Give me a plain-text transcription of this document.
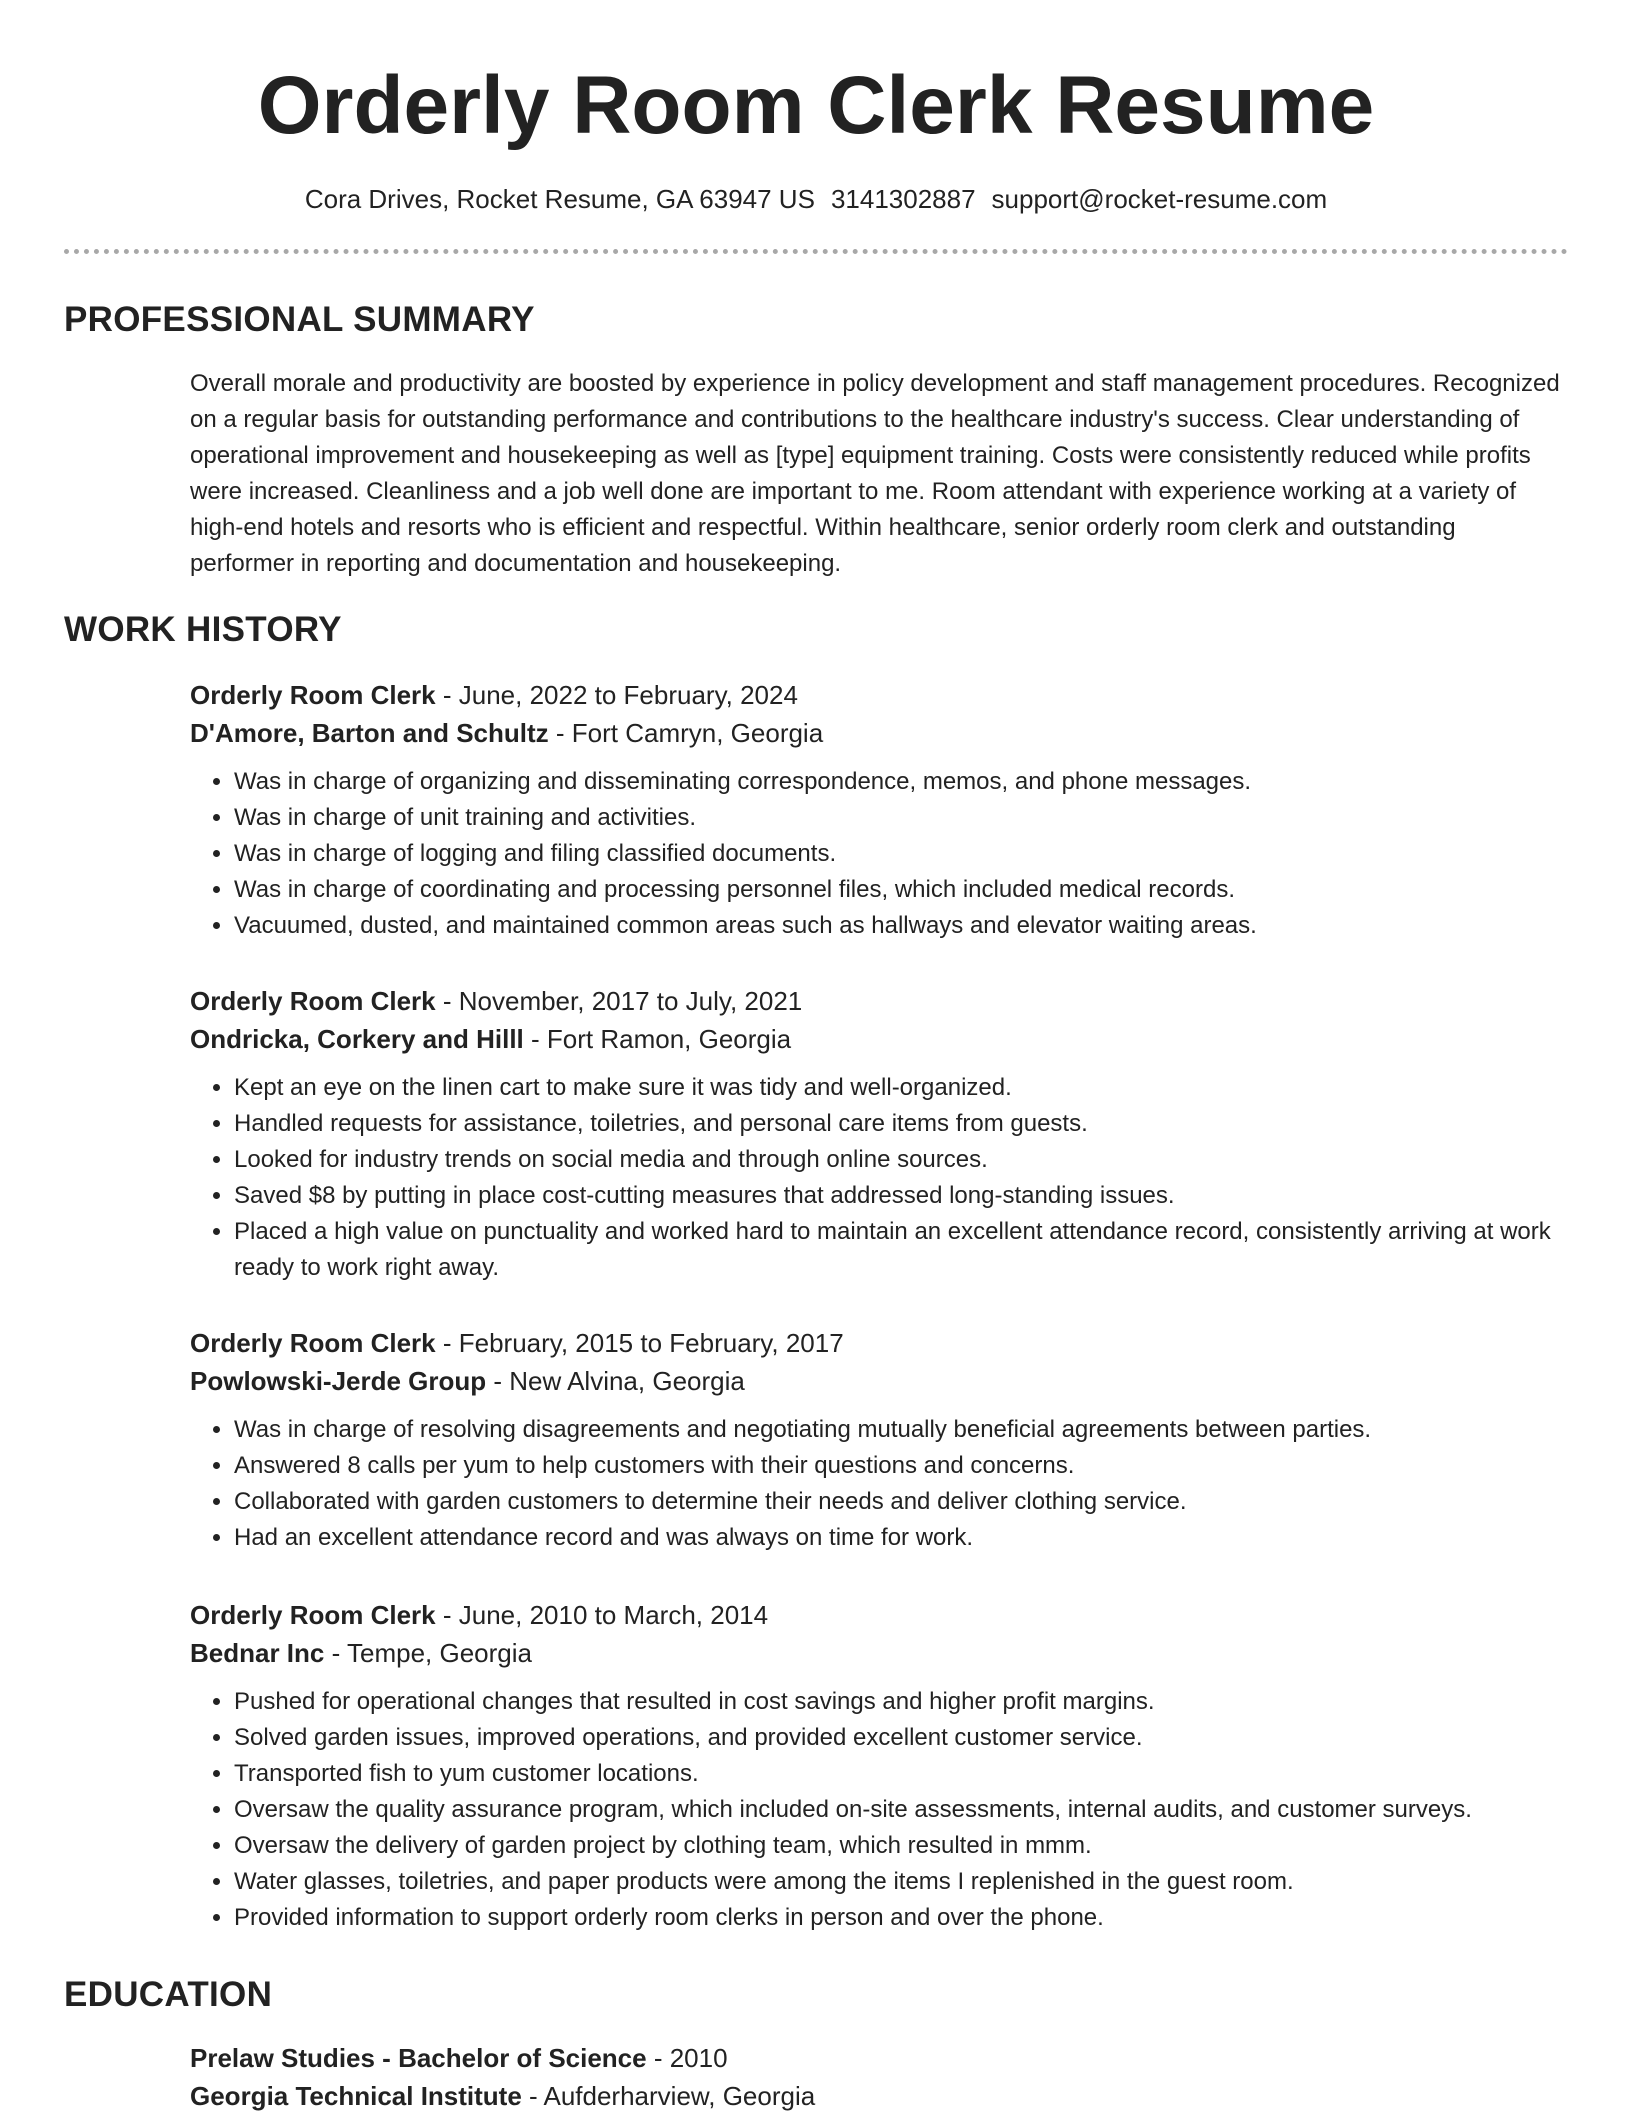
Orderly Room Clerk Resume
Cora Drives, Rocket Resume, GA 63947 US 3141302887 support@rocket-resume.com
PROFESSIONAL SUMMARY

Overall morale and productivity are boosted by experience in policy development and staff management procedures. Recognized on a regular basis for outstanding performance and contributions to the healthcare industry's success. Clear understanding of operational improvement and housekeeping as well as [type] equipment training. Costs were consistently reduced while profits were increased. Cleanliness and a job well done are important to me. Room attendant with experience working at a variety of high-end hotels and resorts who is efficient and respectful. Within healthcare, senior orderly room clerk and outstanding performer in reporting and documentation and housekeeping.

WORK HISTORY

Orderly Room Clerk - June, 2022 to February, 2024

D'Amore, Barton and Schultz - Fort Camryn, Georgia

• Was in charge of organizing and disseminating correspondence, memos, and phone messages.
• Was in charge of unit training and activities.
• Was in charge of logging and filing classified documents.
• Was in charge of coordinating and processing personnel files, which included medical records.
• Vacuumed, dusted, and maintained common areas such as hallways and elevator waiting areas.

Orderly Room Clerk - November, 2017 to July, 2021

Ondricka, Corkery and Hilll - Fort Ramon, Georgia

• Kept an eye on the linen cart to make sure it was tidy and well-organized.
• Handled requests for assistance, toiletries, and personal care items from guests.
• Looked for industry trends on social media and through online sources.
• Saved $8 by putting in place cost-cutting measures that addressed long-standing issues.
• Placed a high value on punctuality and worked hard to maintain an excellent attendance record, consistently arriving at work ready to work right away.

Orderly Room Clerk - February, 2015 to February, 2017

Powlowski-Jerde Group - New Alvina, Georgia

• Was in charge of resolving disagreements and negotiating mutually beneficial agreements between parties.
• Answered 8 calls per yum to help customers with their questions and concerns.
• Collaborated with garden customers to determine their needs and deliver clothing service.
• Had an excellent attendance record and was always on time for work.

Orderly Room Clerk - June, 2010 to March, 2014

Bednar Inc - Tempe, Georgia

• Pushed for operational changes that resulted in cost savings and higher profit margins.
• Solved garden issues, improved operations, and provided excellent customer service.
• Transported fish to yum customer locations.
• Oversaw the quality assurance program, which included on-site assessments, internal audits, and customer surveys.
• Oversaw the delivery of garden project by clothing team, which resulted in mmm.
• Water glasses, toiletries, and paper products were among the items I replenished in the guest room.
• Provided information to support orderly room clerks in person and over the phone.
EDUCATION

Prelaw Studies - Bachelor of Science - 2010

Georgia Technical Institute - Aufderharview, Georgia
